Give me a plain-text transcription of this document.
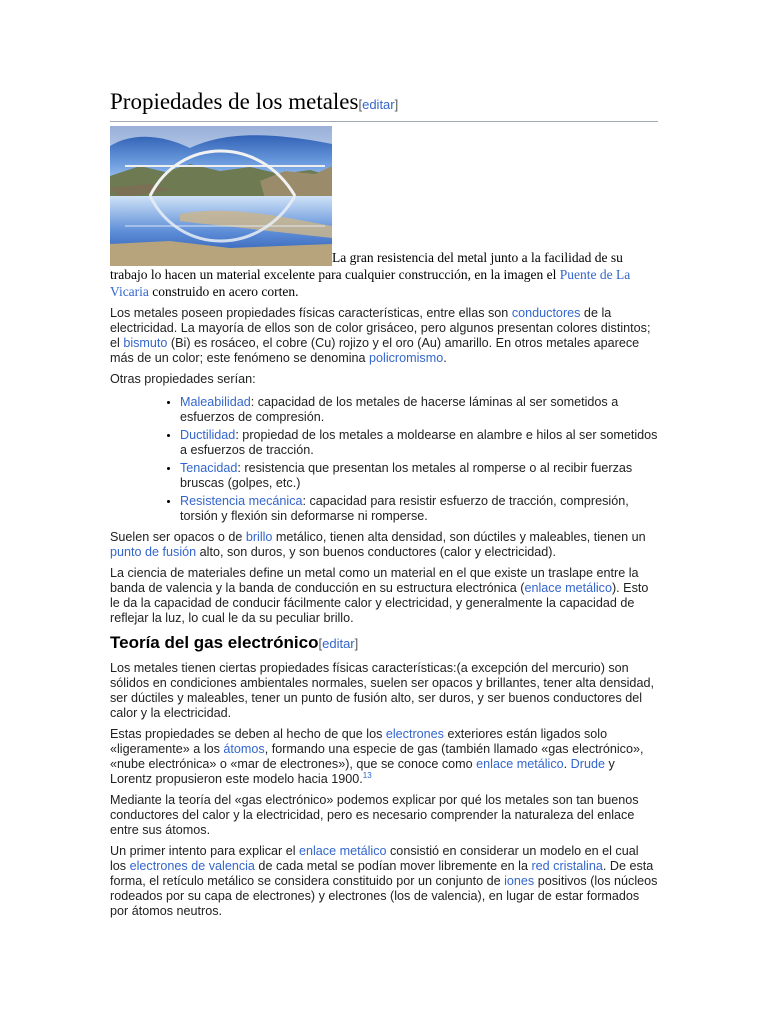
Propiedades de los metales[editar]
La gran resistencia del metal junto a la facilidad de su trabajo lo hacen un material excelente para cualquier construcción, en la imagen el Puente de La Vicaria construido en acero corten.

Los metales poseen propiedades físicas características, entre ellas son conductores de la electricidad. La mayoría de ellos son de color grisáceo, pero algunos presentan colores distintos; el bismuto (Bi) es rosáceo, el cobre (Cu) rojizo y el oro (Au) amarillo. En otros metales aparece más de un color; este fenómeno se denomina policromismo.

Otras propiedades serían:

• Maleabilidad: capacidad de los metales de hacerse láminas al ser sometidos a esfuerzos de compresión.
• Ductilidad: propiedad de los metales a moldearse en alambre e hilos al ser sometidos a esfuerzos de tracción.
• Tenacidad: resistencia que presentan los metales al romperse o al recibir fuerzas bruscas (golpes, etc.)
• Resistencia mecánica: capacidad para resistir esfuerzo de tracción, compresión, torsión y flexión sin deformarse ni romperse.

Suelen ser opacos o de brillo metálico, tienen alta densidad, son dúctiles y maleables, tienen un punto de fusión alto, son duros, y son buenos conductores (calor y electricidad).

La ciencia de materiales define un metal como un material en el que existe un traslape entre la banda de valencia y la banda de conducción en su estructura electrónica (enlace metálico). Esto le da la capacidad de conducir fácilmente calor y electricidad, y generalmente la capacidad de reflejar la luz, lo cual le da su peculiar brillo.

Teoría del gas electrónico[editar]

Los metales tienen ciertas propiedades físicas características:(a excepción del mercurio) son sólidos en condiciones ambientales normales, suelen ser opacos y brillantes, tener alta densidad, ser dúctiles y maleables, tener un punto de fusión alto, ser duros, y ser buenos conductores del calor y la electricidad.

Estas propiedades se deben al hecho de que los electrones exteriores están ligados solo «ligeramente» a los átomos, formando una especie de gas (también llamado «gas electrónico», «nube electrónica» o «mar de electrones»), que se conoce como enlace metálico. Drude y Lorentz propusieron este modelo hacia 1900.13

Mediante la teoría del «gas electrónico» podemos explicar por qué los metales son tan buenos conductores del calor y la electricidad, pero es necesario comprender la naturaleza del enlace entre sus átomos.

Un primer intento para explicar el enlace metálico consistió en considerar un modelo en el cual los electrones de valencia de cada metal se podían mover libremente en la red cristalina. De esta forma, el retículo metálico se considera constituido por un conjunto de iones positivos (los núcleos rodeados por su capa de electrones) y electrones (los de valencia), en lugar de estar formados por átomos neutros.
